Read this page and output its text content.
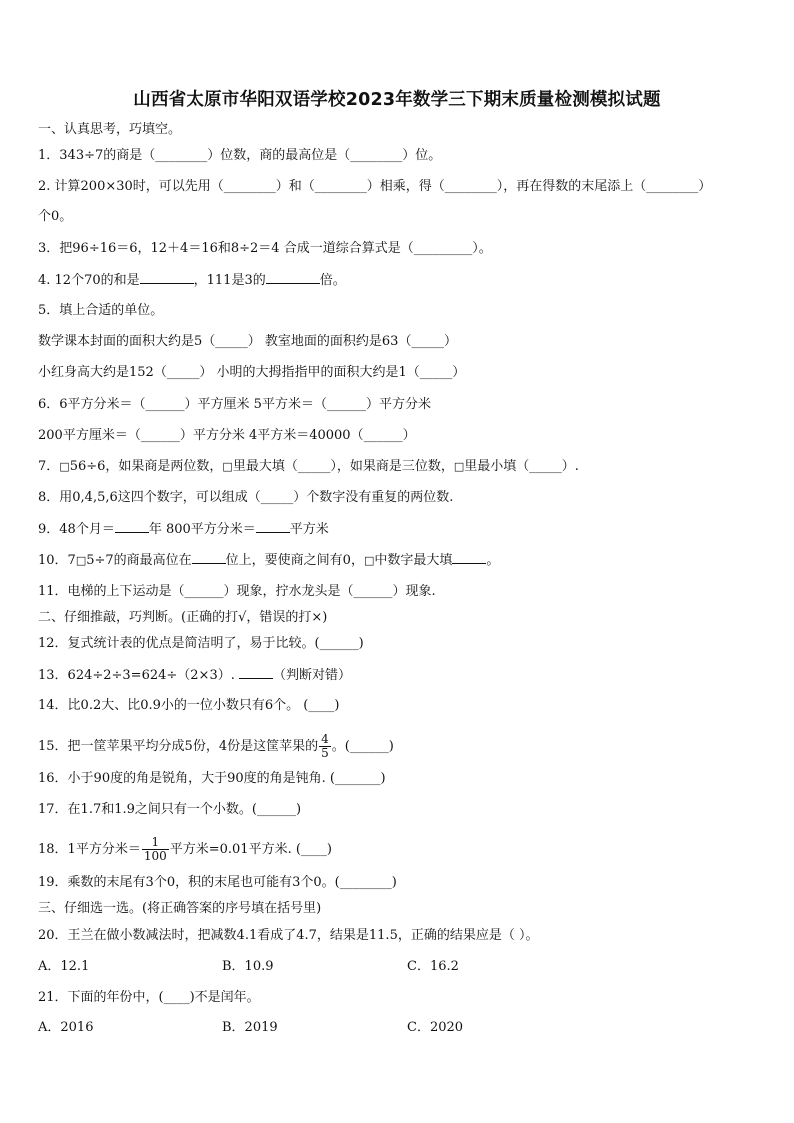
山西省太原市华阳双语学校2023年数学三下期末质量检测模拟试题
一、认真思考，巧填空。
1．343÷7的商是（________）位数，商的最高位是（________）位。
2. 计算200×30时，可以先用（________）和（________）相乘，得（________），再在得数的末尾添上（________）
个0。
3．把96÷16＝6，12＋4＝16和8÷2＝4 合成一道综合算式是（_________）。
4. 12个70的和是	，111是3的	倍。
5．填上合适的单位。
数学课本封面的面积大约是5（_____） 教室地面的面积约是63（_____）
小红身高大约是152（_____） 小明的大拇指指甲的面积大约是1（_____）
6．6平方分米＝（______）平方厘米 5平方米＝（______）平方分米
200平方厘米＝（______）平方分米 4平方米＝40000（______）
7．□56÷6，如果商是两位数，□里最大填（_____），如果商是三位数，□里最小填（_____）.
8．用0,4,5,6这四个数字，可以组成（_____）个数字没有重复的两位数.
9．48个月＝	年 800平方分米＝	平方米
10．7□5÷7的商最高位在	位上，要使商之间有0，□中数字最大填	。
11．电梯的上下运动是（______）现象，拧水龙头是（______）现象.
二、仔细推敲，巧判断。(正确的打√，错误的打×)
12．复式统计表的优点是简洁明了，易于比较。(______)
13．624÷2÷3=624÷（2×3）.	（判断对错）
14．比0.2大、比0.9小的一位小数只有6个。 (____)
15．把一筐苹果平均分成5份，4份是这筐苹果的 $\frac{4}{5}$ 。(______)
16．小于90度的角是锐角，大于90度的角是钝角. (_______)
17．在1.7和1.9之间只有一个小数。(______)
18．1平方分米＝ $\frac{1}{100}$ 平方米=0.01平方米. (____)
19．乘数的末尾有3个0，积的末尾也可能有3个0。(________)
三、仔细选一选。(将正确答案的序号填在括号里)
20．王兰在做小数减法时，把减数4.1看成了4.7，结果是11.5，正确的结果应是（ ）。
A．12.1	B．10.9	C．16.2
21．下面的年份中，(____)不是闰年。
A．2016	B．2019	C．2020
